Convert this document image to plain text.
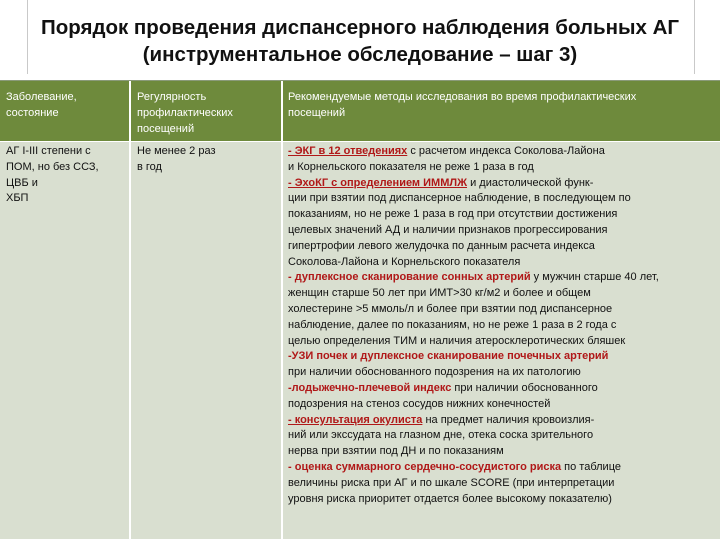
Порядок проведения диспансерного наблюдения больных АГ
(инструментальное обследование – шаг 3)
Заболевание,
состояние
Регулярность
профилактических
посещений
Рекомендуемые методы исследования во время профилактических
посещений
АГ I-III степени с
ПОМ, но без ССЗ,
ЦВБ и
ХБП
Не менее 2 раз
в год
- ЭКГ в 12 отведениях с расчетом индекса Соколова-Лайона
и Корнельского показателя не реже 1 раза в год
- ЭхоКГ с определением ИММЛЖ и диастолической функ-
ции при взятии под диспансерное наблюдение, в последующем по
показаниям, но не реже 1 раза в год при отсутствии достижения
целевых значений АД и наличии признаков прогрессирования
гипертрофии левого желудочка по данным расчета индекса
Соколова-Лайона и Корнельского показателя
- дуплексное сканирование сонных артерий у мужчин старше 40 лет,
женщин старше 50 лет при ИМТ>30 кг/м2 и более и общем
холестерине >5 ммоль/л и более при взятии под диспансерное
наблюдение, далее по показаниям, но не реже 1 раза в 2 года с
целью определения ТИМ и наличия атеросклеротических бляшек
-УЗИ почек и дуплексное сканирование почечных артерий
при наличии обоснованного подозрения на их патологию
-лодыжечно-плечевой индекс при наличии обоснованного
подозрения на стеноз сосудов нижних конечностей
- консультация окулиста на предмет наличия кровоизлия-
ний или экссудата на глазном дне, отека соска зрительного
нерва при взятии под ДН и по показаниям
- оценка суммарного сердечно-сосудистого риска по таблице
величины риска при АГ и по шкале SCORE (при интерпретации
уровня риска приоритет отдается более высокому показателю)
